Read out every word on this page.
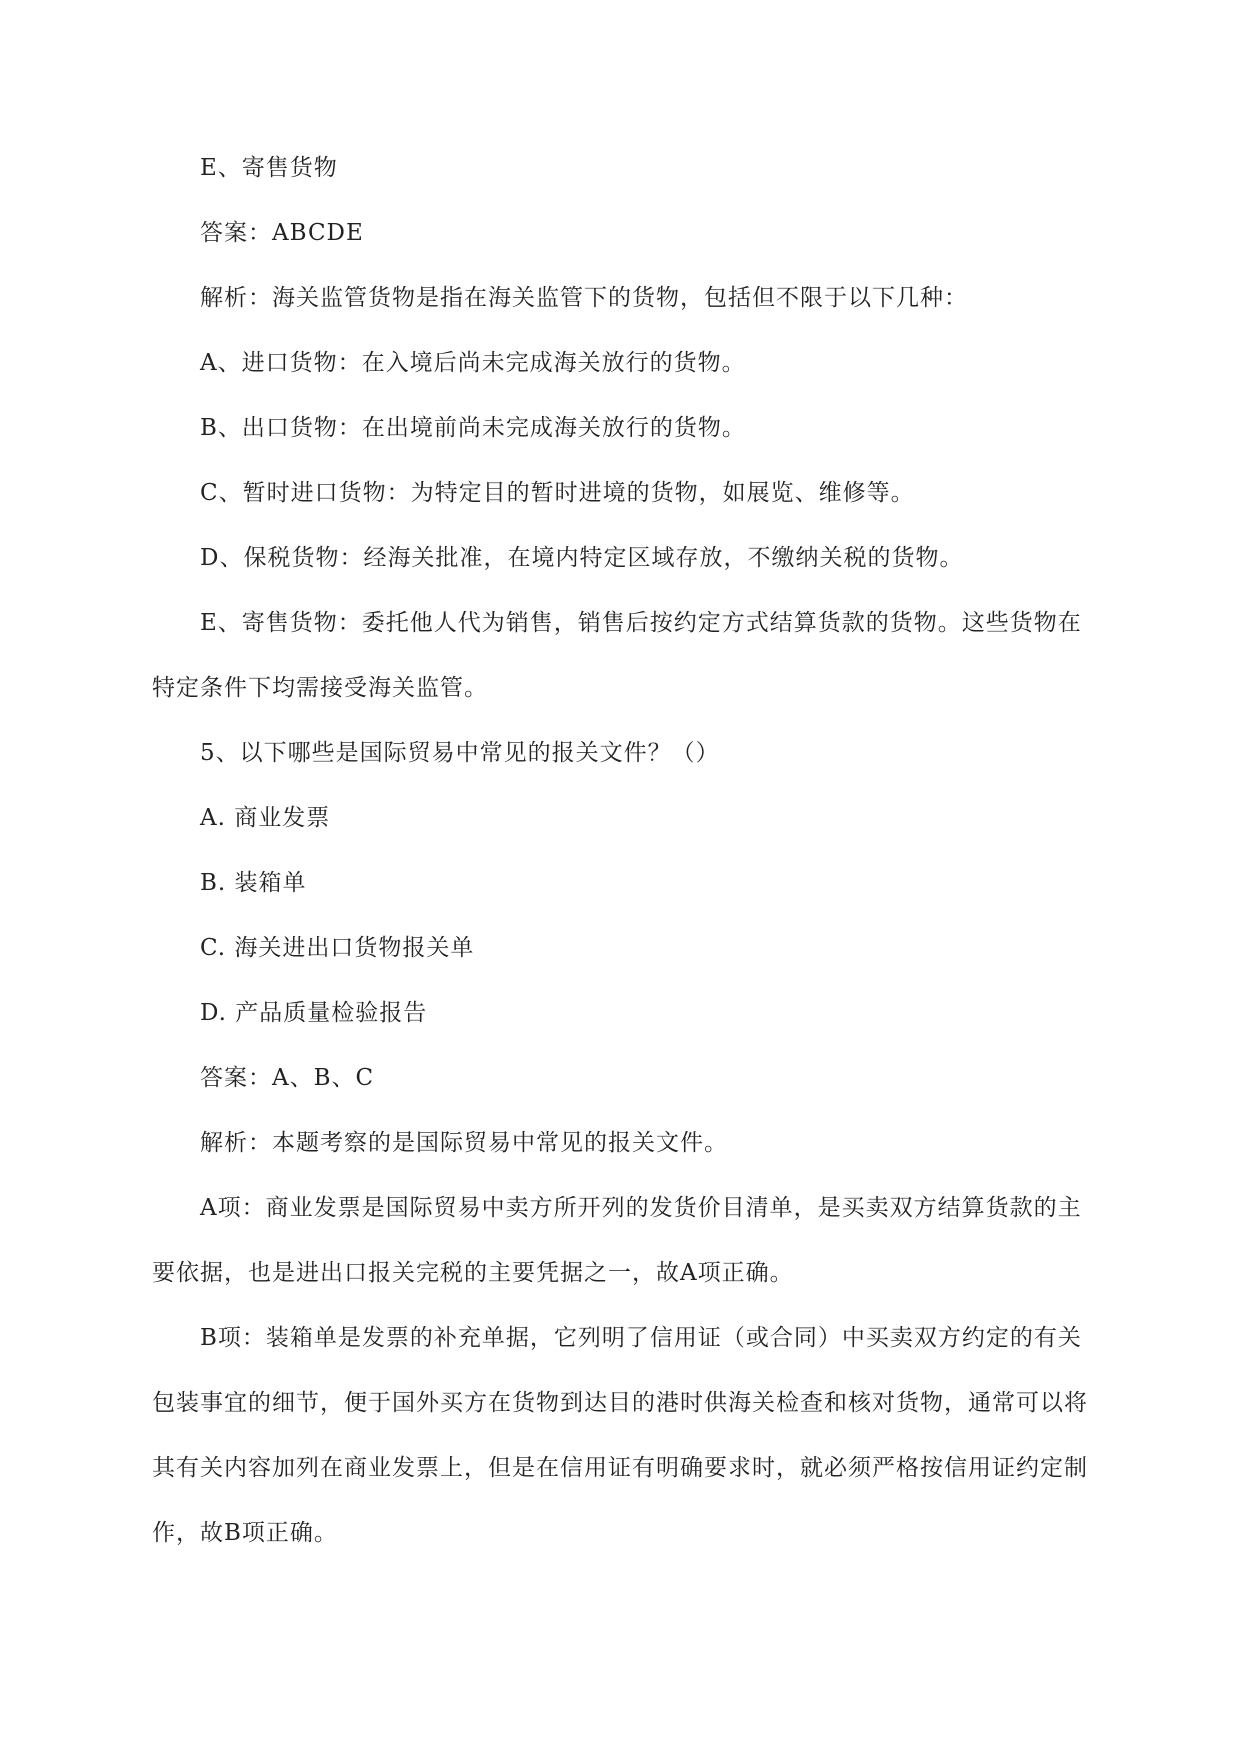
E、寄售货物

答案：ABCDE

解析：海关监管货物是指在海关监管下的货物，包括但不限于以下几种：

A、进口货物：在入境后尚未完成海关放行的货物。

B、出口货物：在出境前尚未完成海关放行的货物。

C、暂时进口货物：为特定目的暂时进境的货物，如展览、维修等。

D、保税货物：经海关批准，在境内特定区域存放，不缴纳关税的货物。

E、寄售货物：委托他人代为销售，销售后按约定方式结算货款的货物。这些货物在特定条件下均需接受海关监管。

5、以下哪些是国际贸易中常见的报关文件？（）

A. 商业发票

B. 装箱单

C. 海关进出口货物报关单

D. 产品质量检验报告

答案：A、B、C

解析：本题考察的是国际贸易中常见的报关文件。

A项：商业发票是国际贸易中卖方所开列的发货价目清单，是买卖双方结算货款的主要依据，也是进出口报关完税的主要凭据之一，故A项正确。

B项：装箱单是发票的补充单据，它列明了信用证（或合同）中买卖双方约定的有关包装事宜的细节，便于国外买方在货物到达目的港时供海关检查和核对货物，通常可以将其有关内容加列在商业发票上，但是在信用证有明确要求时，就必须严格按信用证约定制作，故B项正确。
